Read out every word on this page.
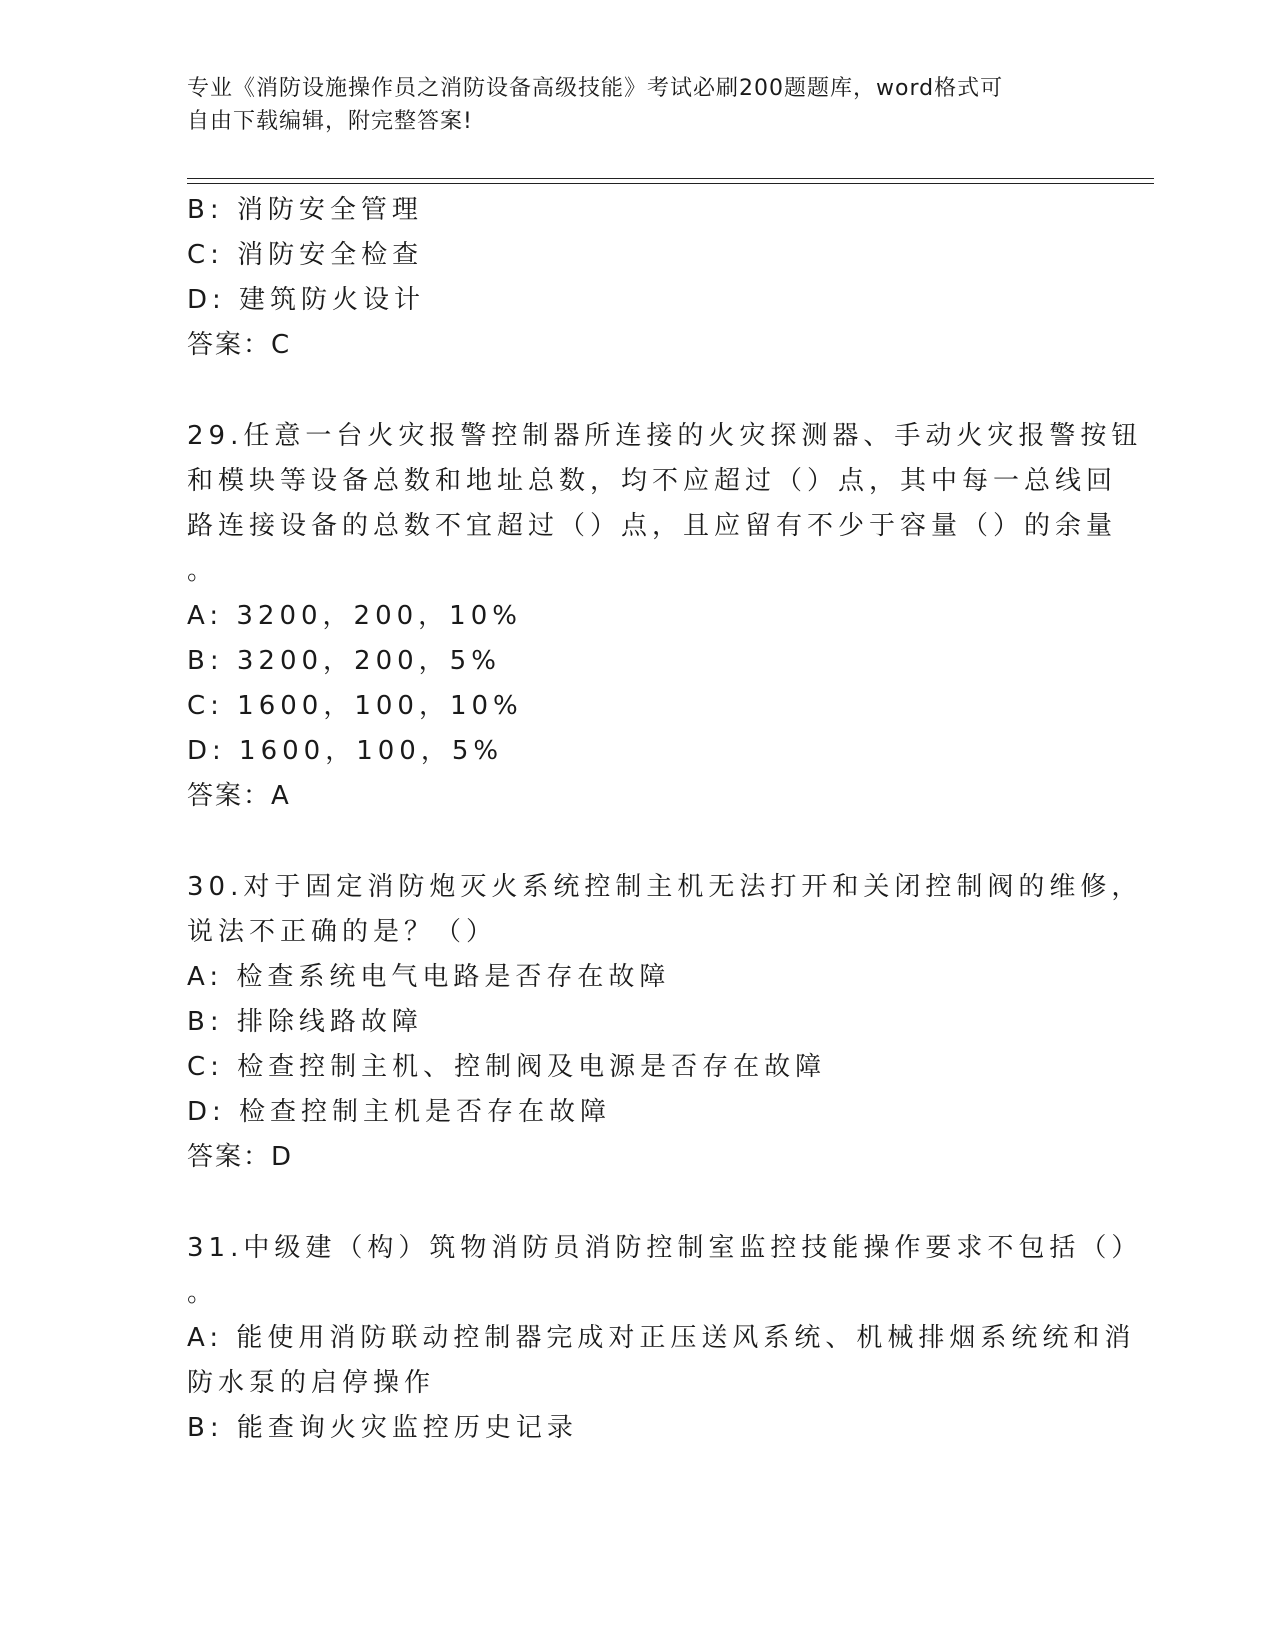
专业《消防设施操作员之消防设备高级技能》考试必刷200题题库，word格式可
自由下载编辑，附完整答案!
B: 消防安全管理
C: 消防安全检查
D: 建筑防火设计
答案：C
29.任意一台火灾报警控制器所连接的火灾探测器、手动火灾报警按钮
和模块等设备总数和地址总数，均不应超过（）点，其中每一总线回
路连接设备的总数不宜超过（）点，且应留有不少于容量（）的余量
。
A: 3200，200，10%
B: 3200，200，5%
C: 1600，100，10%
D: 1600，100，5%
答案：A
30.对于固定消防炮灭火系统控制主机无法打开和关闭控制阀的维修，
说法不正确的是？（）
A: 检查系统电气电路是否存在故障
B: 排除线路故障
C: 检查控制主机、控制阀及电源是否存在故障
D: 检查控制主机是否存在故障
答案：D
31.中级建（构）筑物消防员消防控制室监控技能操作要求不包括（）
。
A: 能使用消防联动控制器完成对正压送风系统、机械排烟系统统和消
防水泵的启停操作
B: 能查询火灾监控历史记录
